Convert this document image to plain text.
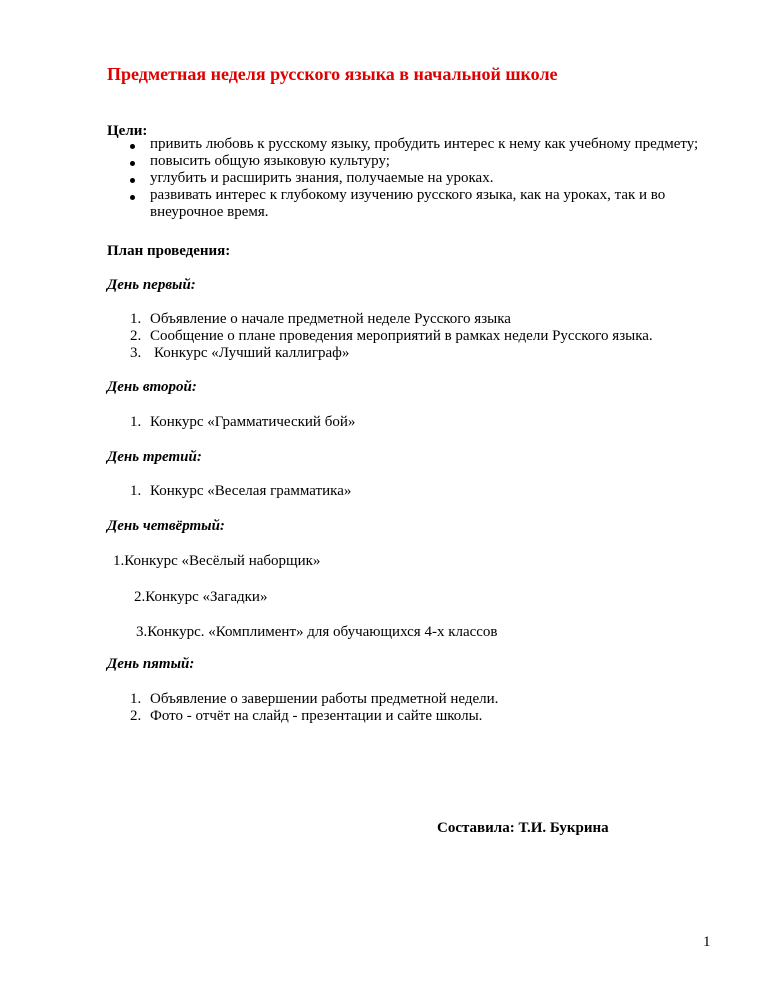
Предметная неделя русского языка в начальной школе
Цели:
привить любовь к русскому языку, пробудить интерес к нему как учебному предмету;
повысить общую языковую культуру;
углубить и расширить знания, получаемые на уроках.
развивать интерес к глубокому изучению русского языка, как на уроках, так и во
внеурочное время.
План проведения:
День первый:
1. Объявление о начале предметной неделе Русского языка
2. Сообщение о плане проведения мероприятий в рамках недели Русского языка.
3. Конкурс «Лучший каллиграф»
День второй:
1. Конкурс «Грамматический бой»
День третий:
1. Конкурс «Веселая грамматика»
День четвёртый:
1.Конкурс «Весёлый наборщик»
2.Конкурс «Загадки»
3.Конкурс. «Комплимент» для обучающихся 4-х классов
День пятый:
1. Объявление о завершении работы предметной недели.
2. Фото - отчёт на слайд - презентации и сайте школы.
Составила: Т.И. Букрина
1
